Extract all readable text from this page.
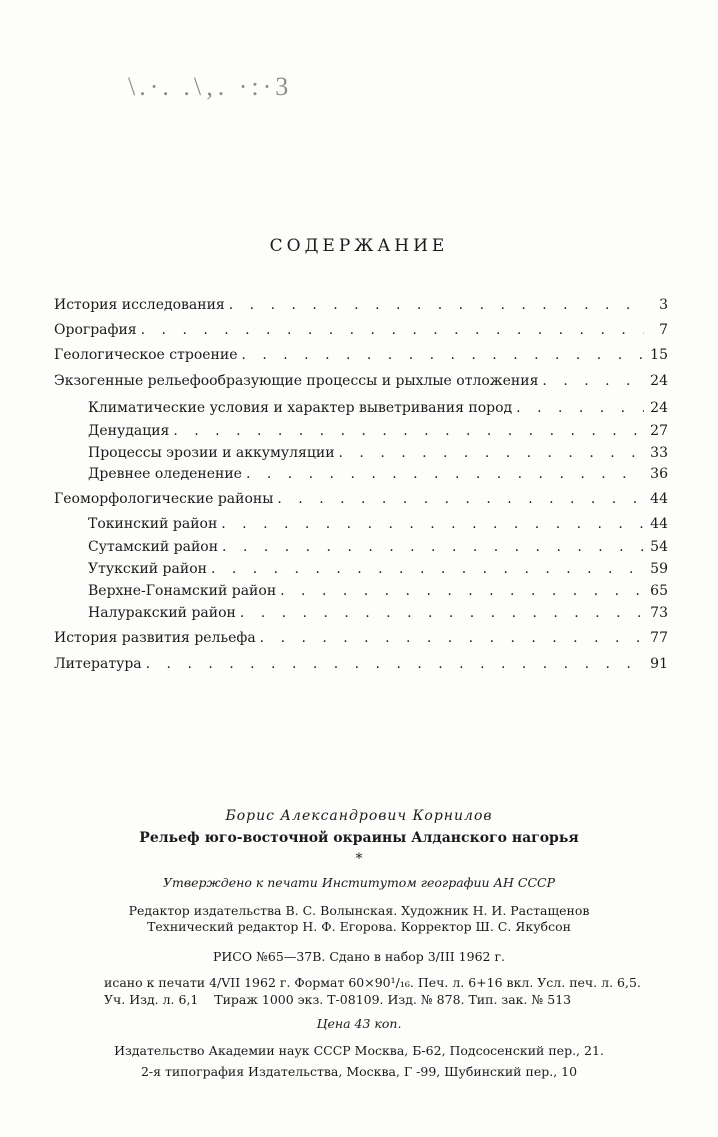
\.·. .\‚. ·:·3
СОДЕРЖАНИЕ
История исследования . . .	3
Орография . . .	7
Геологическое строение . . .	15
Экзогенные рельефообразующие процессы и рыхлые отложения . . .	24
Климатические условия и характер выветривания пород . . .	24
Денудация . . .	27
Процессы эрозии и аккумуляции . . .	33
Древнее оледенение . . .	36
Геоморфологические районы . . .	44
Токинский район . . .	44
Сутамский район . . .	54
Утукский район . . .	59
Верхне-Гонамский район . . .	65
Налуракский район . . .	73
История развития рельефа . . .	77
Литература . . .	91
Борис Александрович Корнилов
Рельеф юго-восточной окраины Алданского нагорья
*
Утверждено к печати Институтом географии АН СССР
Редактор издательства В. С. Волынская. Художник Н. И. Растащенов
Технический редактор Н. Ф. Егорова. Корректор Ш. С. Якубсон
РИСО №65—37В. Сдано в набор 3/III 1962 г.
исано к печати 4/VII 1962 г. Формат 60×90¹/₁₆. Печ. л. 6+16 вкл. Усл. печ. л. 6,5.
Уч. Изд. л. 6,1    Тираж 1000 экз. Т-08109. Изд. № 878. Тип. зак. № 513
Цена 43 коп.
Издательство Академии наук СССР Москва, Б-62, Подсосенский пер., 21.
2-я типография Издательства, Москва, Г -99, Шубинский пер., 10
